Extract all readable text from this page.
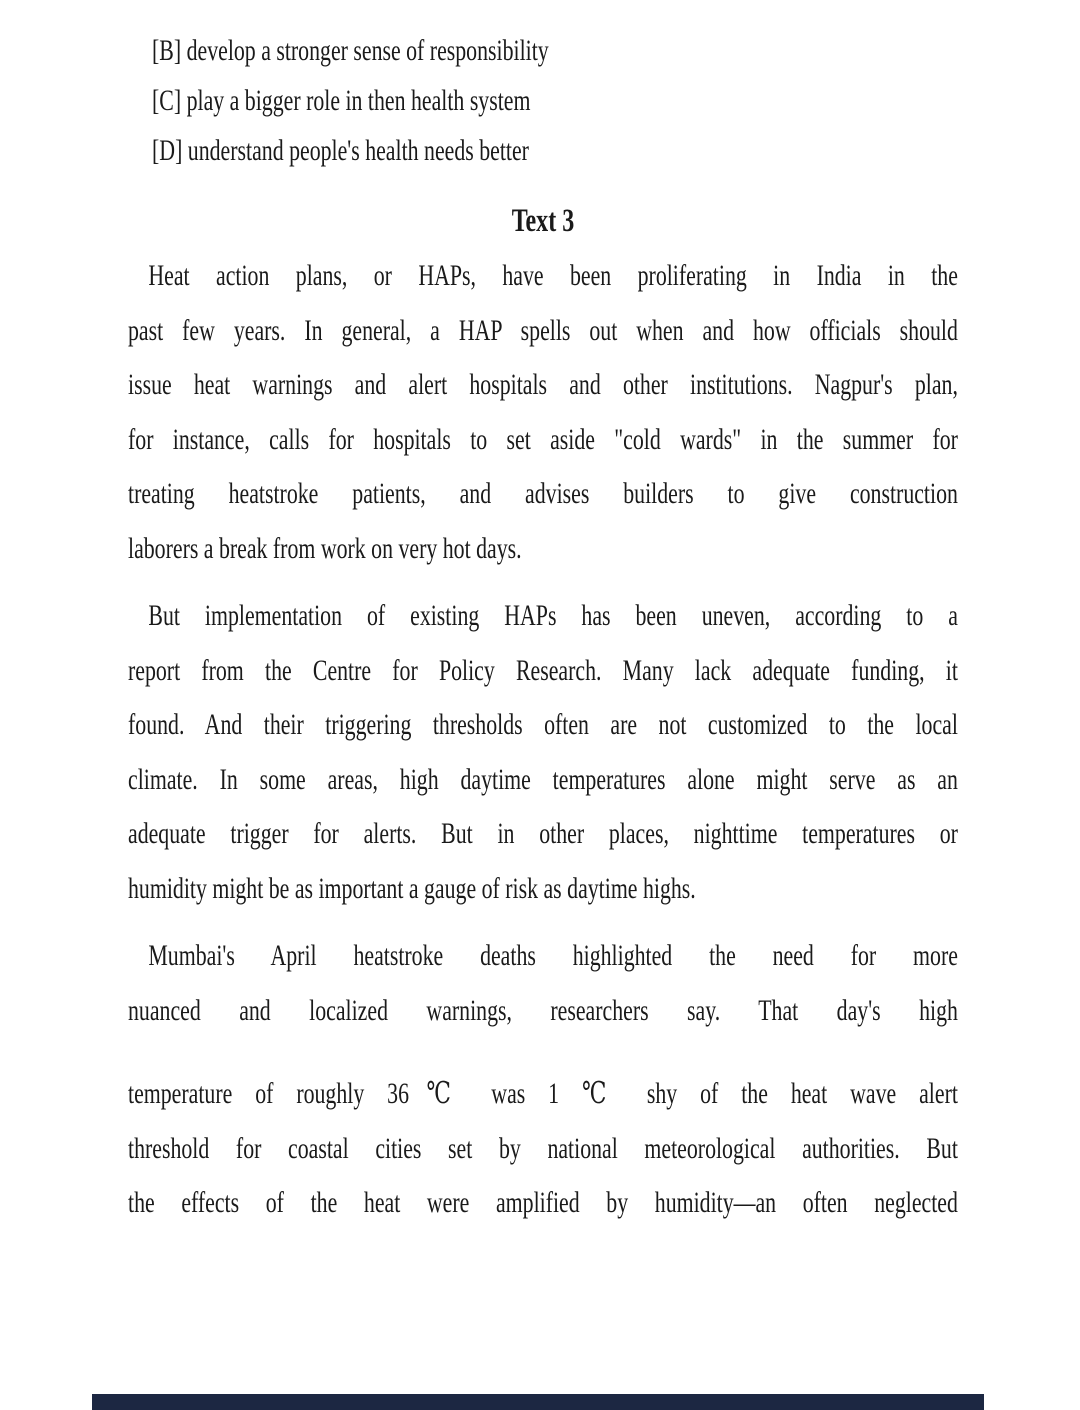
[B] develop a stronger sense of responsibility
[C] play a bigger role in then health system
[D] understand people's health needs better
Text 3
Heat action plans, or HAPs, have been proliferating in India in the
past few years. In general, a HAP spells out when and how officials should
issue heat warnings and alert hospitals and other institutions. Nagpur's plan,
for instance, calls for hospitals to set aside "cold wards" in the summer for
treating heatstroke patients, and advises builders to give construction
laborers a break from work on very hot days.
But implementation of existing HAPs has been uneven, according to a
report from the Centre for Policy Research. Many lack adequate funding, it
found. And their triggering thresholds often are not customized to the local
climate. In some areas, high daytime temperatures alone might serve as an
adequate trigger for alerts. But in other places, nighttime temperatures or
humidity might be as important a gauge of risk as daytime highs.
Mumbai's April heatstroke deaths highlighted the need for more
nuanced and localized warnings, researchers say. That day's high
temperature of roughly 36℃ was 1 ℃ shy of the heat wave alert
threshold for coastal cities set by national meteorological authorities. But
the effects of the heat were amplified by humidity—an often neglected
